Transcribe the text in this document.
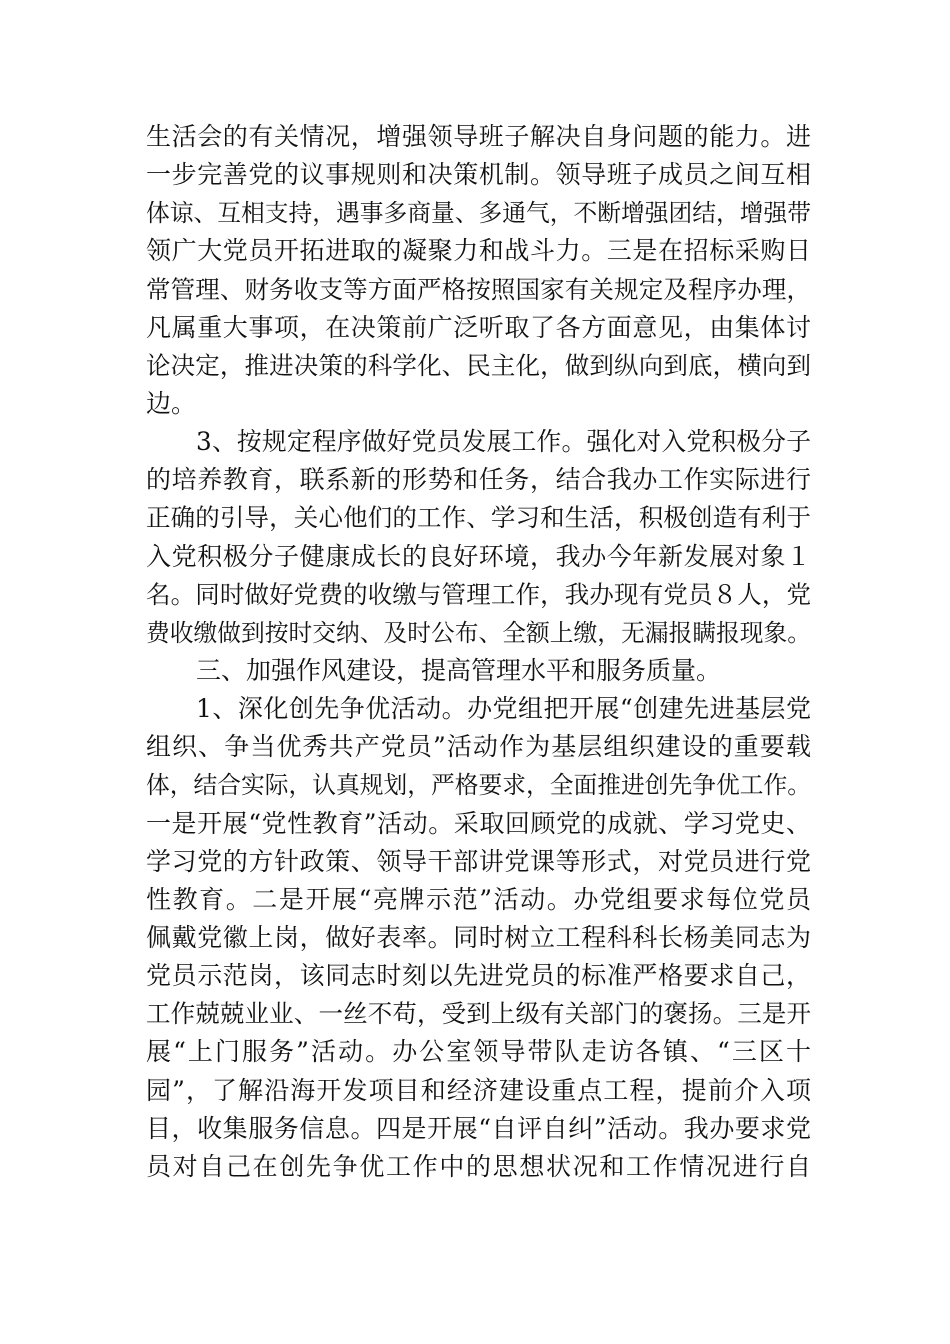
生活会的有关情况，增强领导班子解决自身问题的能力。进
一步完善党的议事规则和决策机制。领导班子成员之间互相
体谅、互相支持，遇事多商量、多通气，不断增强团结，增强带
领广大党员开拓进取的凝聚力和战斗力。三是在招标采购日
常管理、财务收支等方面严格按照国家有关规定及程序办理，
凡属重大事项，在决策前广泛听取了各方面意见，由集体讨
论决定，推进决策的科学化、民主化，做到纵向到底，横向到
边。
3、按规定程序做好党员发展工作。强化对入党积极分子
的培养教育，联系新的形势和任务，结合我办工作实际进行
正确的引导，关心他们的工作、学习和生活，积极创造有利于
入党积极分子健康成长的良好环境，我办今年新发展对象１
名。同时做好党费的收缴与管理工作，我办现有党员８人，党
费收缴做到按时交纳、及时公布、全额上缴，无漏报瞒报现象。
三、加强作风建设，提高管理水平和服务质量。
1、深化创先争优活动。办党组把开展“创建先进基层党
组织、争当优秀共产党员”活动作为基层组织建设的重要载
体，结合实际，认真规划，严格要求，全面推进创先争优工作。
一是开展“党性教育”活动。采取回顾党的成就、学习党史、
学习党的方针政策、领导干部讲党课等形式，对党员进行党
性教育。二是开展“亮牌示范”活动。办党组要求每位党员
佩戴党徽上岗，做好表率。同时树立工程科科长杨美同志为
党员示范岗，该同志时刻以先进党员的标准严格要求自己，
工作兢兢业业、一丝不苟，受到上级有关部门的褒扬。三是开
展“上门服务”活动。办公室领导带队走访各镇、“三区十
园”，了解沿海开发项目和经济建设重点工程，提前介入项
目，收集服务信息。四是开展“自评自纠”活动。我办要求党
员对自己在创先争优工作中的思想状况和工作情况进行自
